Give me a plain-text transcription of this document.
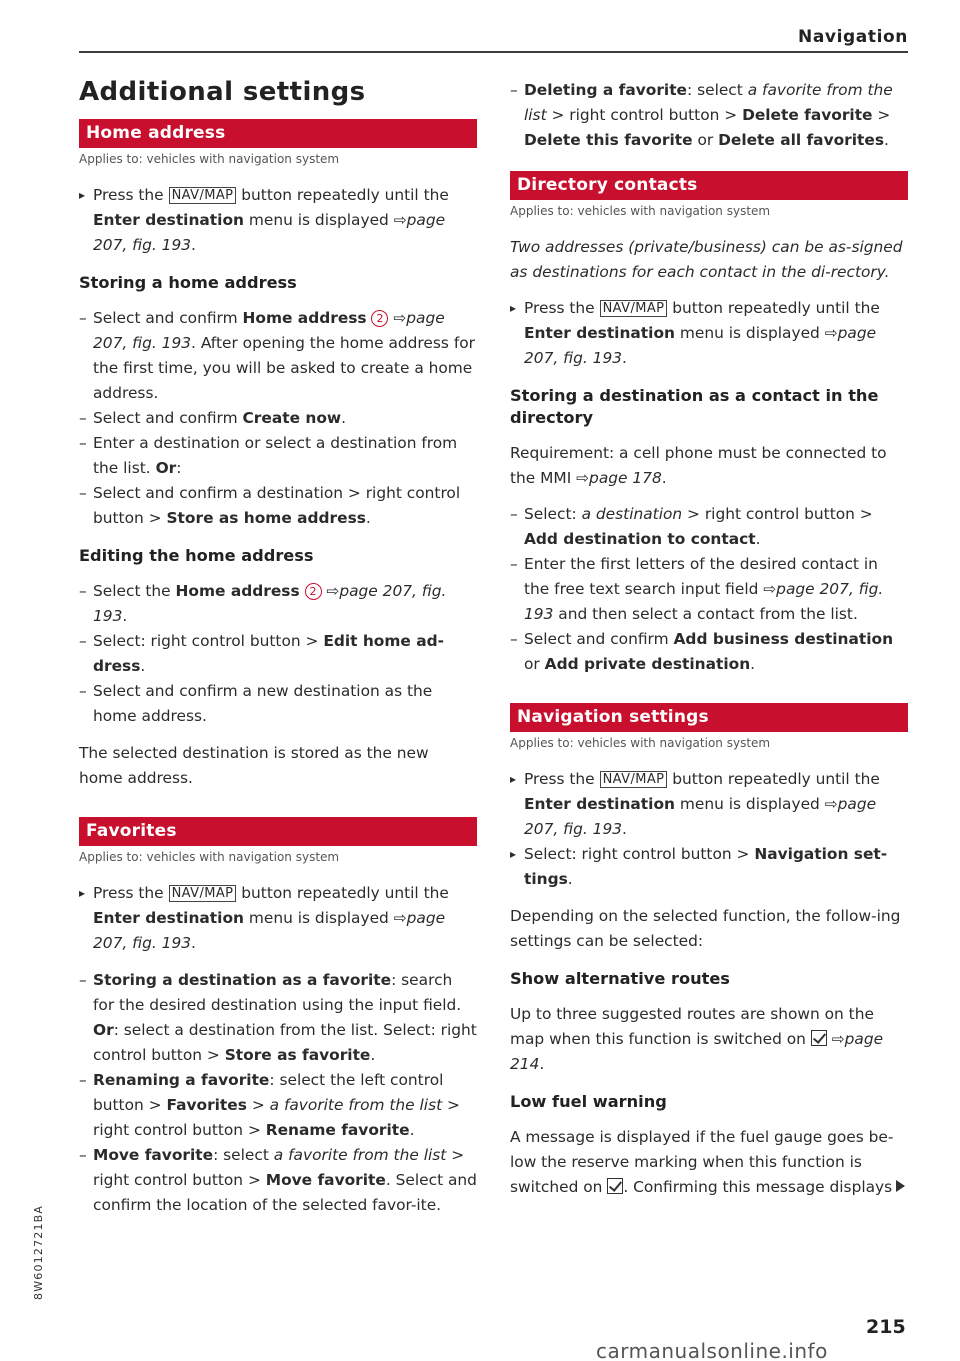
Navigation
Additional settings
Home address
Applies to: vehicles with navigation system
▸ Press the NAV/MAP button repeatedly until the Enter destination menu is displayed ⇨page 207, fig. 193.
Storing a home address
– Select and confirm Home address 2 ⇨page 207, fig. 193. After opening the home address for the first time, you will be asked to create a home address.
– Select and confirm Create now.
– Enter a destination or select a destination from the list. Or:
– Select and confirm a destination > right control button > Store as home address.
Editing the home address
– Select the Home address 2 ⇨page 207, fig. 193.
– Select: right control button > Edit home ad-dress.
– Select and confirm a new destination as the home address.

The selected destination is stored as the new home address.

Favorites
Applies to: vehicles with navigation system
▸ Press the NAV/MAP button repeatedly until the Enter destination menu is displayed ⇨page 207, fig. 193.
– Storing a destination as a favorite: search for the desired destination using the input field. Or: select a destination from the list. Select: right control button > Store as favorite.
– Renaming a favorite: select the left control button > Favorites > a favorite from the list > right control button > Rename favorite.
– Move favorite: select a favorite from the list > right control button > Move favorite. Select and confirm the location of the selected favor-ite.
– Deleting a favorite: select a favorite from the list > right control button > Delete favorite > Delete this favorite or Delete all favorites.
Directory contacts
Applies to: vehicles with navigation system

Two addresses (private/business) can be as-signed as destinations for each contact in the di-rectory.

▸ Press the NAV/MAP button repeatedly until the Enter destination menu is displayed ⇨page 207, fig. 193.
Storing a destination as a contact in the directory

Requirement: a cell phone must be connected to the MMI ⇨page 178.

– Select: a destination > right control button > Add destination to contact.
– Enter the first letters of the desired contact in the free text search input field ⇨page 207, fig. 193 and then select a contact from the list.
– Select and confirm Add business destination or Add private destination.
Navigation settings
Applies to: vehicles with navigation system
▸ Press the NAV/MAP button repeatedly until the Enter destination menu is displayed ⇨page 207, fig. 193.
▸ Select: right control button > Navigation set-tings.

Depending on the selected function, the follow-ing settings can be selected:

Show alternative routes

Up to three suggested routes are shown on the map when this function is switched on ⇨page 214.

Low fuel warning

A message is displayed if the fuel gauge goes be-low the reserve marking when this function is switched on . Confirming this message displays

8W6012721BA
215
carmanualsonline.info
